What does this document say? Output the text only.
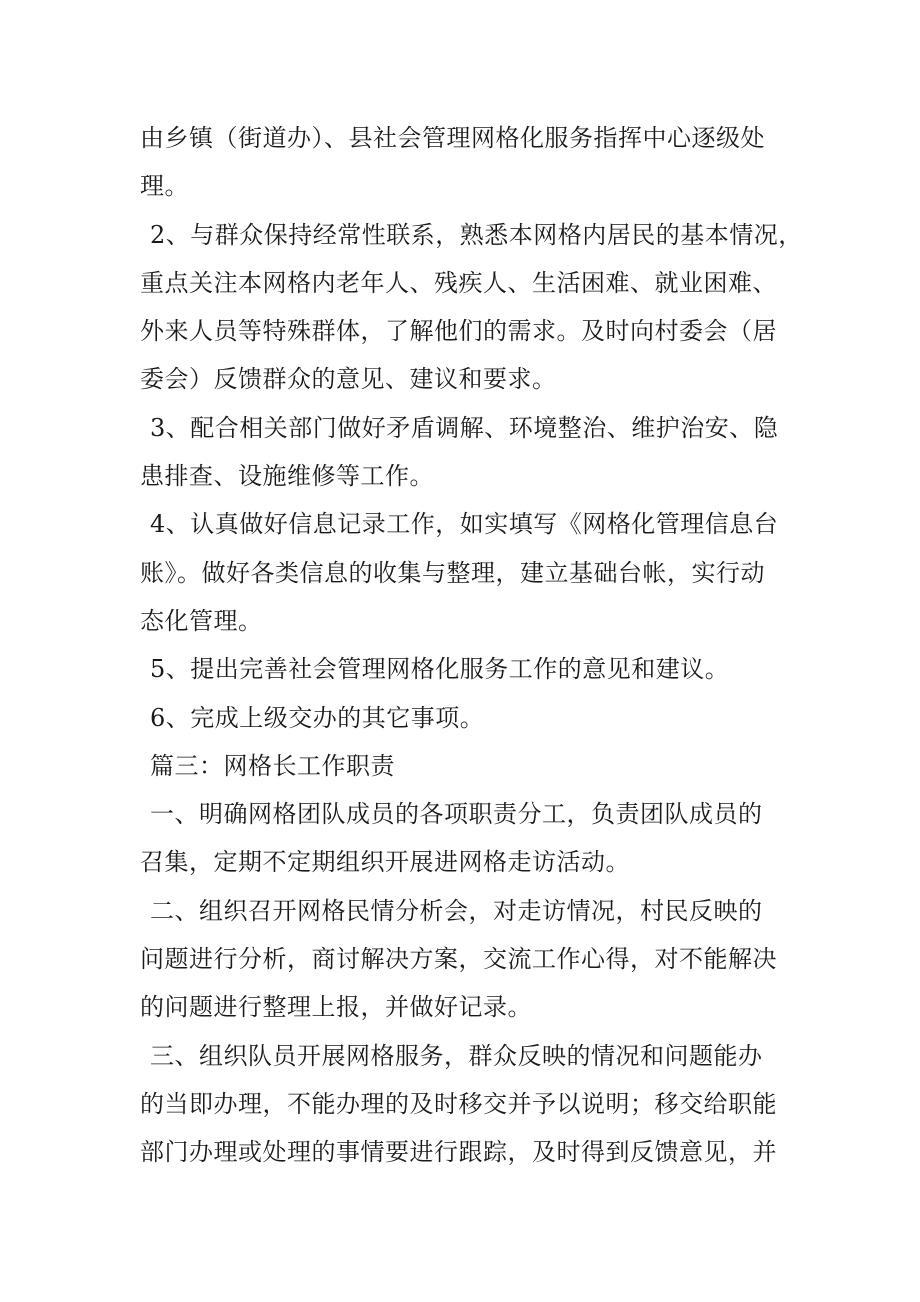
由乡镇（街道办）、县社会管理网格化服务指挥中心逐级处
理。
2、与群众保持经常性联系，熟悉本网格内居民的基本情况，
重点关注本网格内老年人、残疾人、生活困难、就业困难、
外来人员等特殊群体，了解他们的需求。及时向村委会（居
委会）反馈群众的意见、建议和要求。
3、配合相关部门做好矛盾调解、环境整治、维护治安、隐
患排查、设施维修等工作。
4、认真做好信息记录工作，如实填写《网格化管理信息台
账》。做好各类信息的收集与整理，建立基础台帐，实行动
态化管理。
5、提出完善社会管理网格化服务工作的意见和建议。
6、完成上级交办的其它事项。
篇三：网格长工作职责
一、明确网格团队成员的各项职责分工，负责团队成员的
召集，定期不定期组织开展进网格走访活动。
二、组织召开网格民情分析会，对走访情况，村民反映的
问题进行分析，商讨解决方案，交流工作心得，对不能解决
的问题进行整理上报，并做好记录。
三、组织队员开展网格服务，群众反映的情况和问题能办
的当即办理，不能办理的及时移交并予以说明；移交给职能
部门办理或处理的事情要进行跟踪，及时得到反馈意见，并
